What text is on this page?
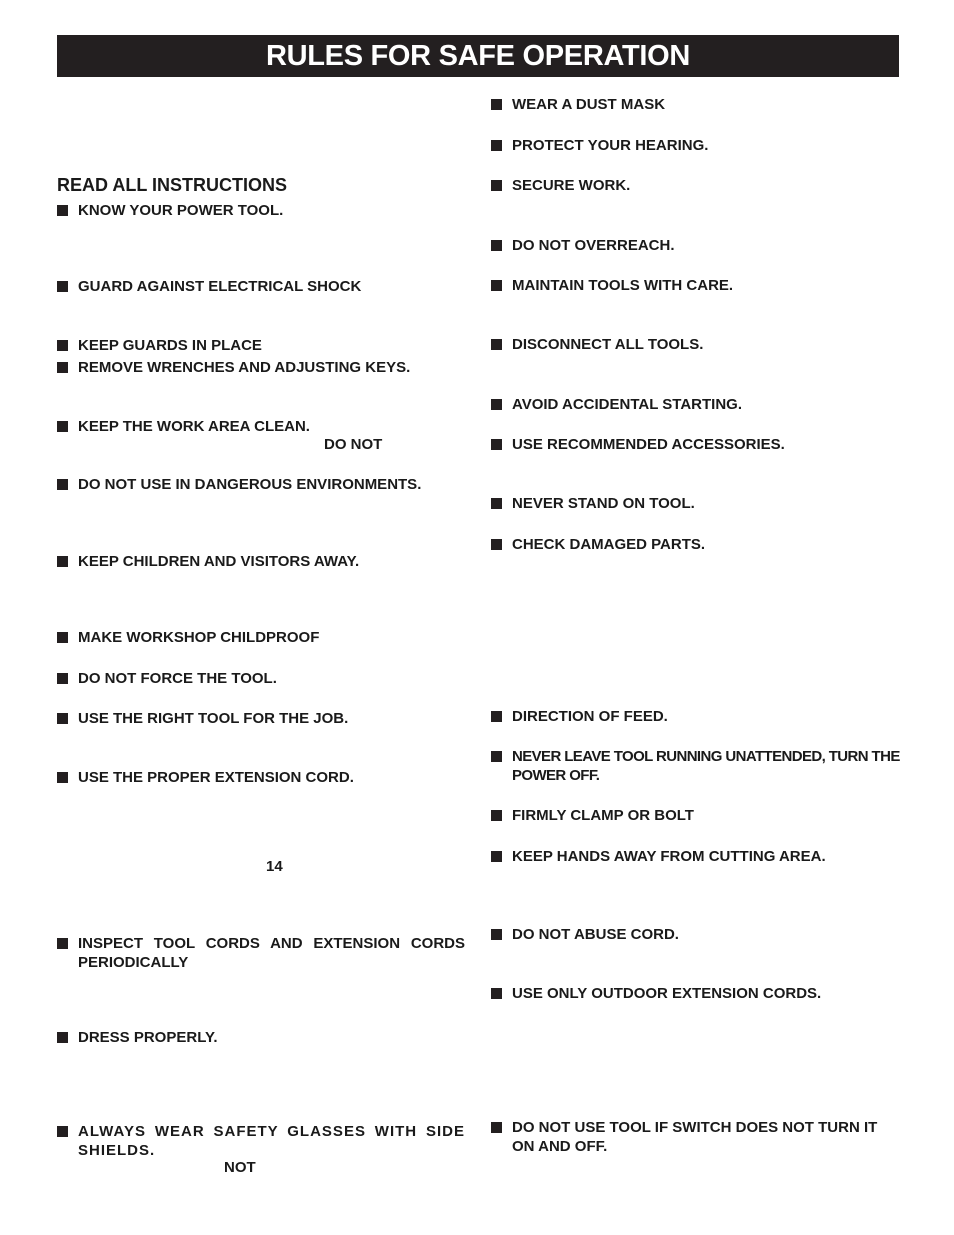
RULES FOR SAFE OPERATION
READ ALL INSTRUCTIONS
KNOW YOUR POWER TOOL.
GUARD AGAINST ELECTRICAL SHOCK
KEEP GUARDS IN PLACE
REMOVE WRENCHES AND ADJUSTING KEYS.
KEEP THE WORK AREA CLEAN.
DO NOT
DO NOT USE IN DANGEROUS ENVIRONMENTS.
KEEP CHILDREN AND VISITORS AWAY.
MAKE WORKSHOP CHILDPROOF
DO NOT FORCE THE TOOL.
USE THE RIGHT TOOL FOR THE JOB.
USE THE PROPER EXTENSION CORD.
14
INSPECT TOOL CORDS AND EXTENSION CORDS PERIODICALLY
DRESS PROPERLY.
ALWAYS WEAR SAFETY GLASSES WITH SIDE SHIELDS.
NOT
WEAR A DUST MASK
PROTECT YOUR HEARING.
SECURE WORK.
DO NOT OVERREACH.
MAINTAIN TOOLS WITH CARE.
DISCONNECT ALL TOOLS.
AVOID ACCIDENTAL STARTING.
USE RECOMMENDED ACCESSORIES.
NEVER STAND ON TOOL.
CHECK DAMAGED PARTS.
DIRECTION OF FEED.
NEVER LEAVE TOOL RUNNING UNATTENDED, TURN THE POWER OFF.
FIRMLY CLAMP OR BOLT
KEEP HANDS AWAY FROM CUTTING AREA.
DO NOT ABUSE CORD.
USE ONLY OUTDOOR EXTENSION CORDS.
DO NOT USE TOOL IF SWITCH DOES NOT TURN IT ON AND OFF.
